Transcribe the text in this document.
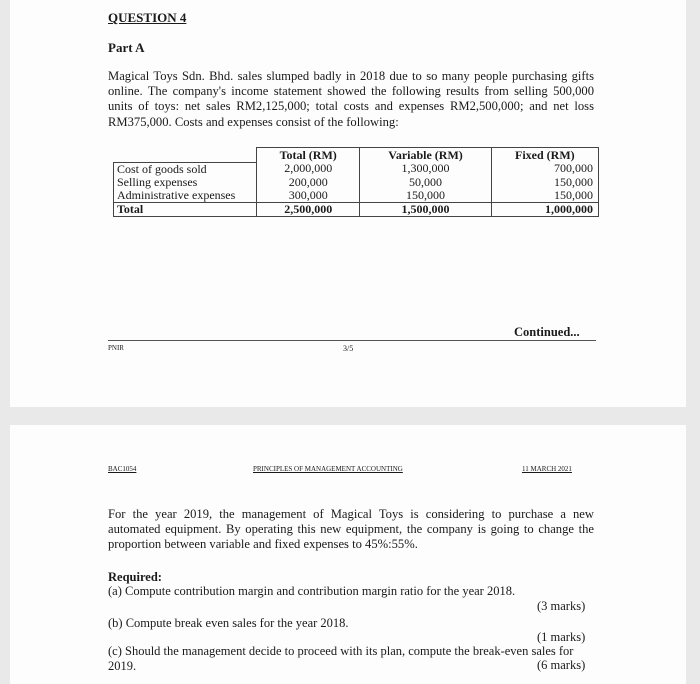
QUESTION 4
Part A
Magical Toys Sdn. Bhd. sales slumped badly in 2018 due to so many people purchasing gifts online. The company's income statement showed the following results from selling 500,000 units of toys: net sales RM2,125,000; total costs and expenses RM2,500,000; and net loss RM375,000. Costs and expenses consist of the following:
	Total (RM)	Variable (RM)	Fixed (RM)
Cost of goods sold	2,000,000	1,300,000	700,000
Selling expenses	200,000	50,000	150,000
Administrative expenses	300,000	150,000	150,000
Total	2,500,000	1,500,000	1,000,000
Continued...
PNIR	3/5
BAC1054	PRINCIPLES OF MANAGEMENT ACCOUNTING	11 MARCH 2021
For the year 2019, the management of Magical Toys is considering to purchase a new automated equipment. By operating this new equipment, the company is going to change the proportion between variable and fixed expenses to 45%:55%.
Required:
(a) Compute contribution margin and contribution margin ratio for the year 2018.
(3 marks)
(b) Compute break even sales for the year 2018.
(1 marks)
(c) Should the management decide to proceed with its plan, compute the break-even sales for 2019.	(6 marks)
